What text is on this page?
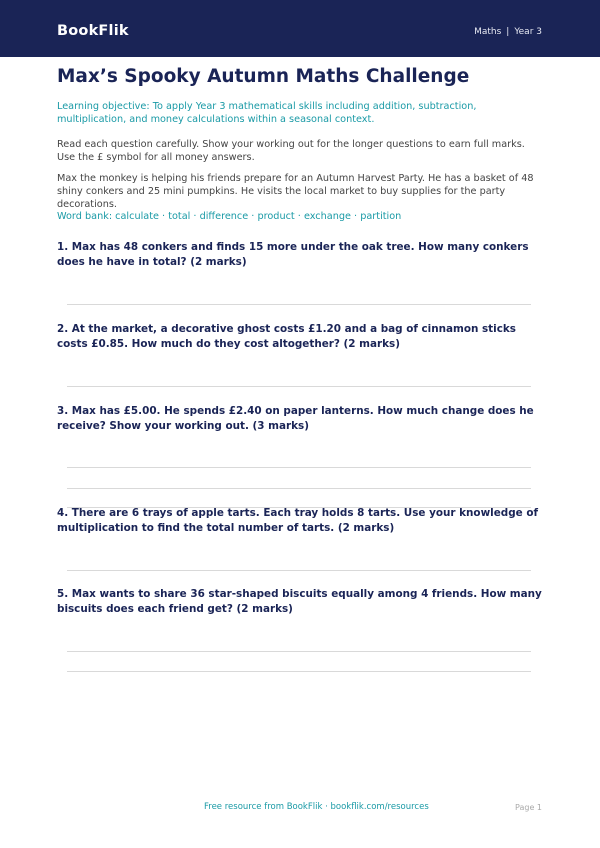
BookFlik	Maths | Year 3
Max’s Spooky Autumn Maths Challenge

Learning objective: To apply Year 3 mathematical skills including addition, subtraction, multiplication, and money calculations within a seasonal context.

Read each question carefully. Show your working out for the longer questions to earn full marks. Use the £ symbol for all money answers.

Max the monkey is helping his friends prepare for an Autumn Harvest Party. He has a basket of 48 shiny conkers and 25 mini pumpkins. He visits the local market to buy supplies for the party decorations.

Word bank: calculate · total · difference · product · exchange · partition

1. Max has 48 conkers and finds 15 more under the oak tree. How many conkers does he have in total? (2 marks)

2. At the market, a decorative ghost costs £1.20 and a bag of cinnamon sticks costs £0.85. How much do they cost altogether? (2 marks)

3. Max has £5.00. He spends £2.40 on paper lanterns. How much change does he receive? Show your working out. (3 marks)

4. There are 6 trays of apple tarts. Each tray holds 8 tarts. Use your knowledge of multiplication to find the total number of tarts. (2 marks)

5. Max wants to share 36 star-shaped biscuits equally among 4 friends. How many biscuits does each friend get? (2 marks)

Free resource from BookFlik · bookflik.com/resources	Page 1
